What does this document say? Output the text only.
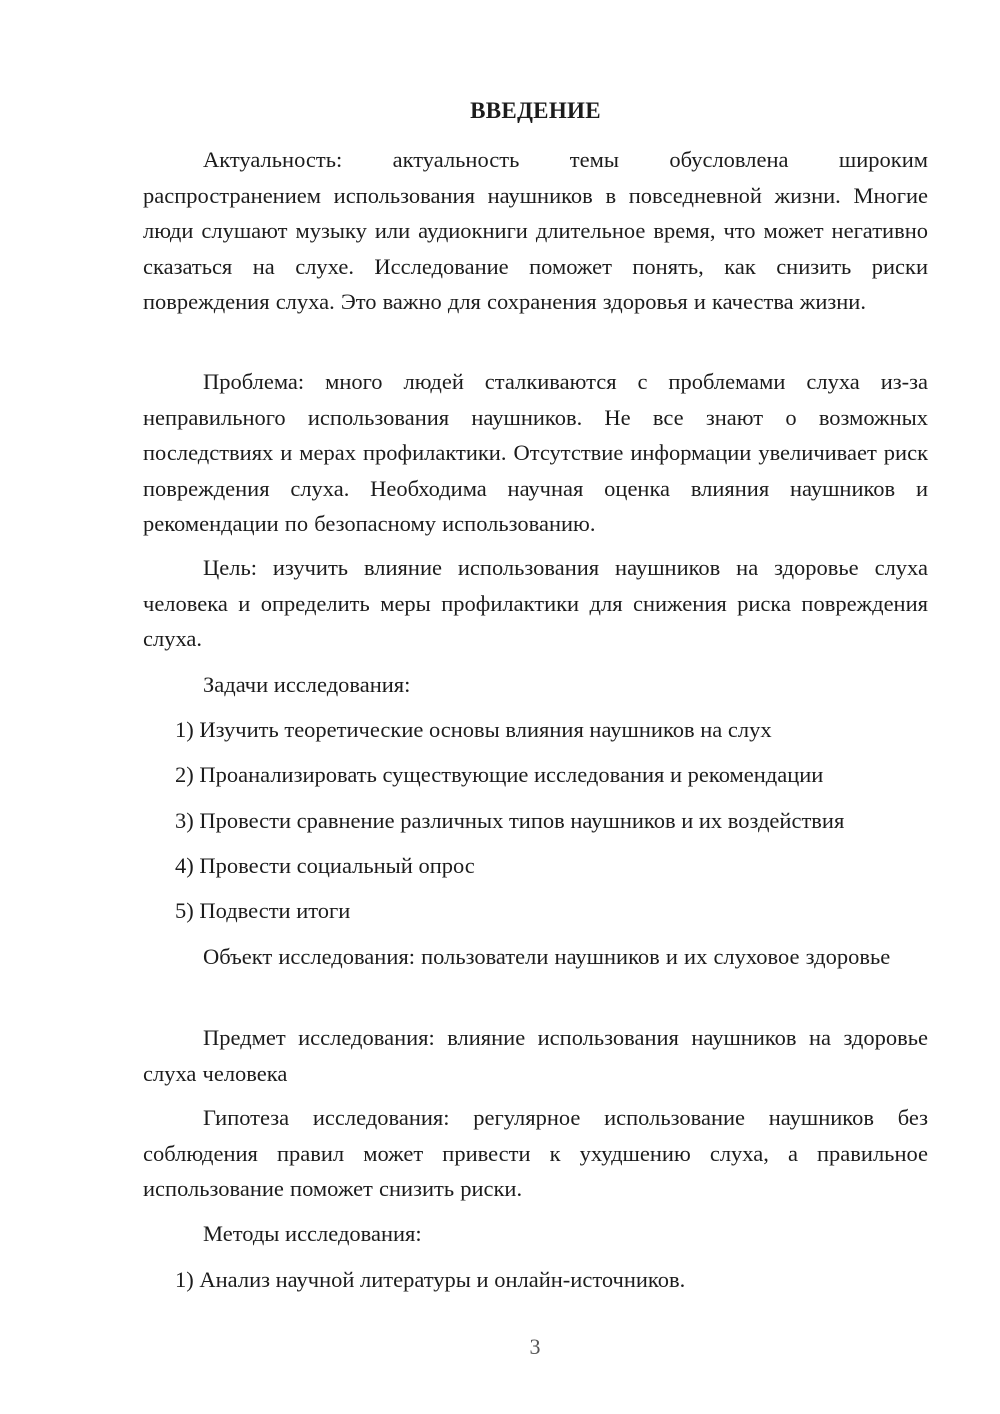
ВВЕДЕНИЕ

Актуальность: актуальность темы обусловлена широким распространением использования наушников в повседневной жизни. Многие люди слушают музыку или аудиокниги длительное время, что может негативно сказаться на слухе. Исследование поможет понять, как снизить риски повреждения слуха. Это важно для сохранения здоровья и качества жизни.

Проблема: много людей сталкиваются с проблемами слуха из-за неправильного использования наушников. Не все знают о возможных последствиях и мерах профилактики. Отсутствие информации увеличивает риск повреждения слуха. Необходима научная оценка влияния наушников и рекомендации по безопасному использованию.

Цель: изучить влияние использования наушников на здоровье слуха человека и определить меры профилактики для снижения риска повреждения слуха.

Задачи исследования:

1) Изучить теоретические основы влияния наушников на слух

2) Проанализировать существующие исследования и рекомендации

3) Провести сравнение различных типов наушников и их воздействия

4) Провести социальный опрос

5) Подвести итоги

Объект исследования: пользователи наушников и их слуховое здоровье

Предмет исследования: влияние использования наушников на здоровье слуха человека

Гипотеза исследования: регулярное использование наушников без соблюдения правил может привести к ухудшению слуха, а правильное использование поможет снизить риски.

Методы исследования:

1) Анализ научной литературы и онлайн-источников.

3
